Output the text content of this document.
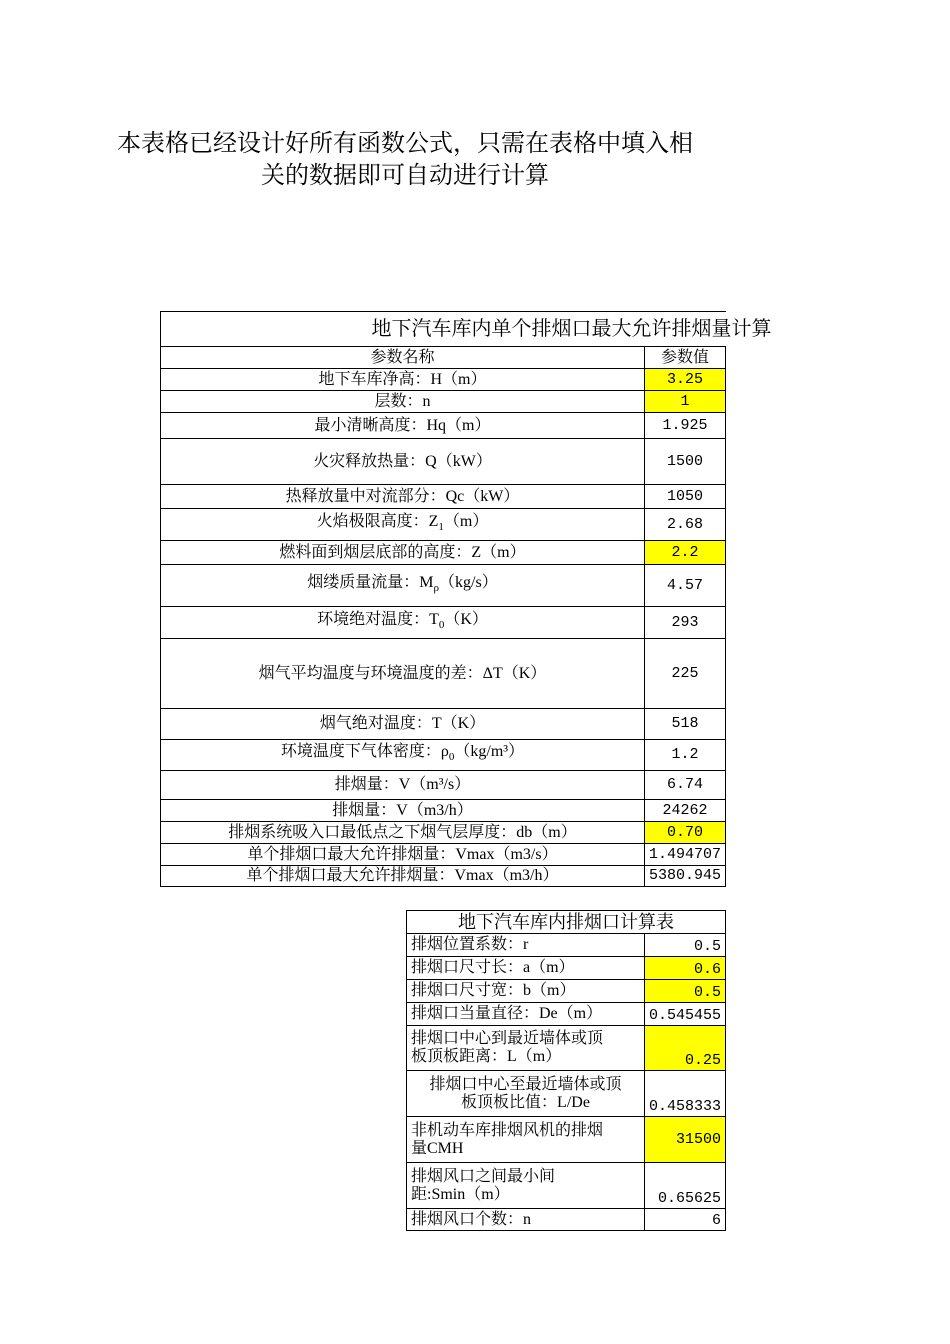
本表格已经设计好所有函数公式，只需在表格中填入相
关的数据即可自动进行计算
地下汽车库内单个排烟口最大允许排烟量计算	
参数名称	参数值
地下车库净高：H（m）	3.25
层数：n	1
最小清晰高度：Hq（m）	1.925
火灾释放热量：Q（kW）	1500
热释放量中对流部分：Qc（kW）	1050
火焰极限高度：$Z_1(m)$	2.68
燃料面到烟层底部的高度：Z（m）	2.2
烟缕质量流量：$M_\rho(kg/s)$	4.57
环境绝对温度：$T_0(K)$	293
烟气平均温度与环境温度的差：ΔT（K）	225
烟气绝对温度：T（K）	518
环境温度下气体密度：$\rho_0(kg/m^3)$	1.2
排烟量：V（m³/s）	6.74
排烟量：V（m3/h）	24262
排烟系统吸入口最低点之下烟气层厚度：db（m）	0.70
单个排烟口最大允许排烟量：Vmax（m3/s）	1.494707
单个排烟口最大允许排烟量：Vmax（m3/h）	5380.945
地下汽车库内排烟口计算表	
排烟位置系数：r	0.5
排烟口尺寸长：a（m）	0.6
排烟口尺寸宽：b（m）	0.5
排烟口当量直径：De（m）	0.545455

排烟口中心到最近墙体或顶
板顶板距离：L（m）	0.25

排烟口中心至最近墙体或顶
板顶板比值：L/De	0.458333

非机动车库排烟风机的排烟
量CMH	31500

排烟风口之间最小间
距:Smin（m）	0.65625
排烟风口个数：n	6
